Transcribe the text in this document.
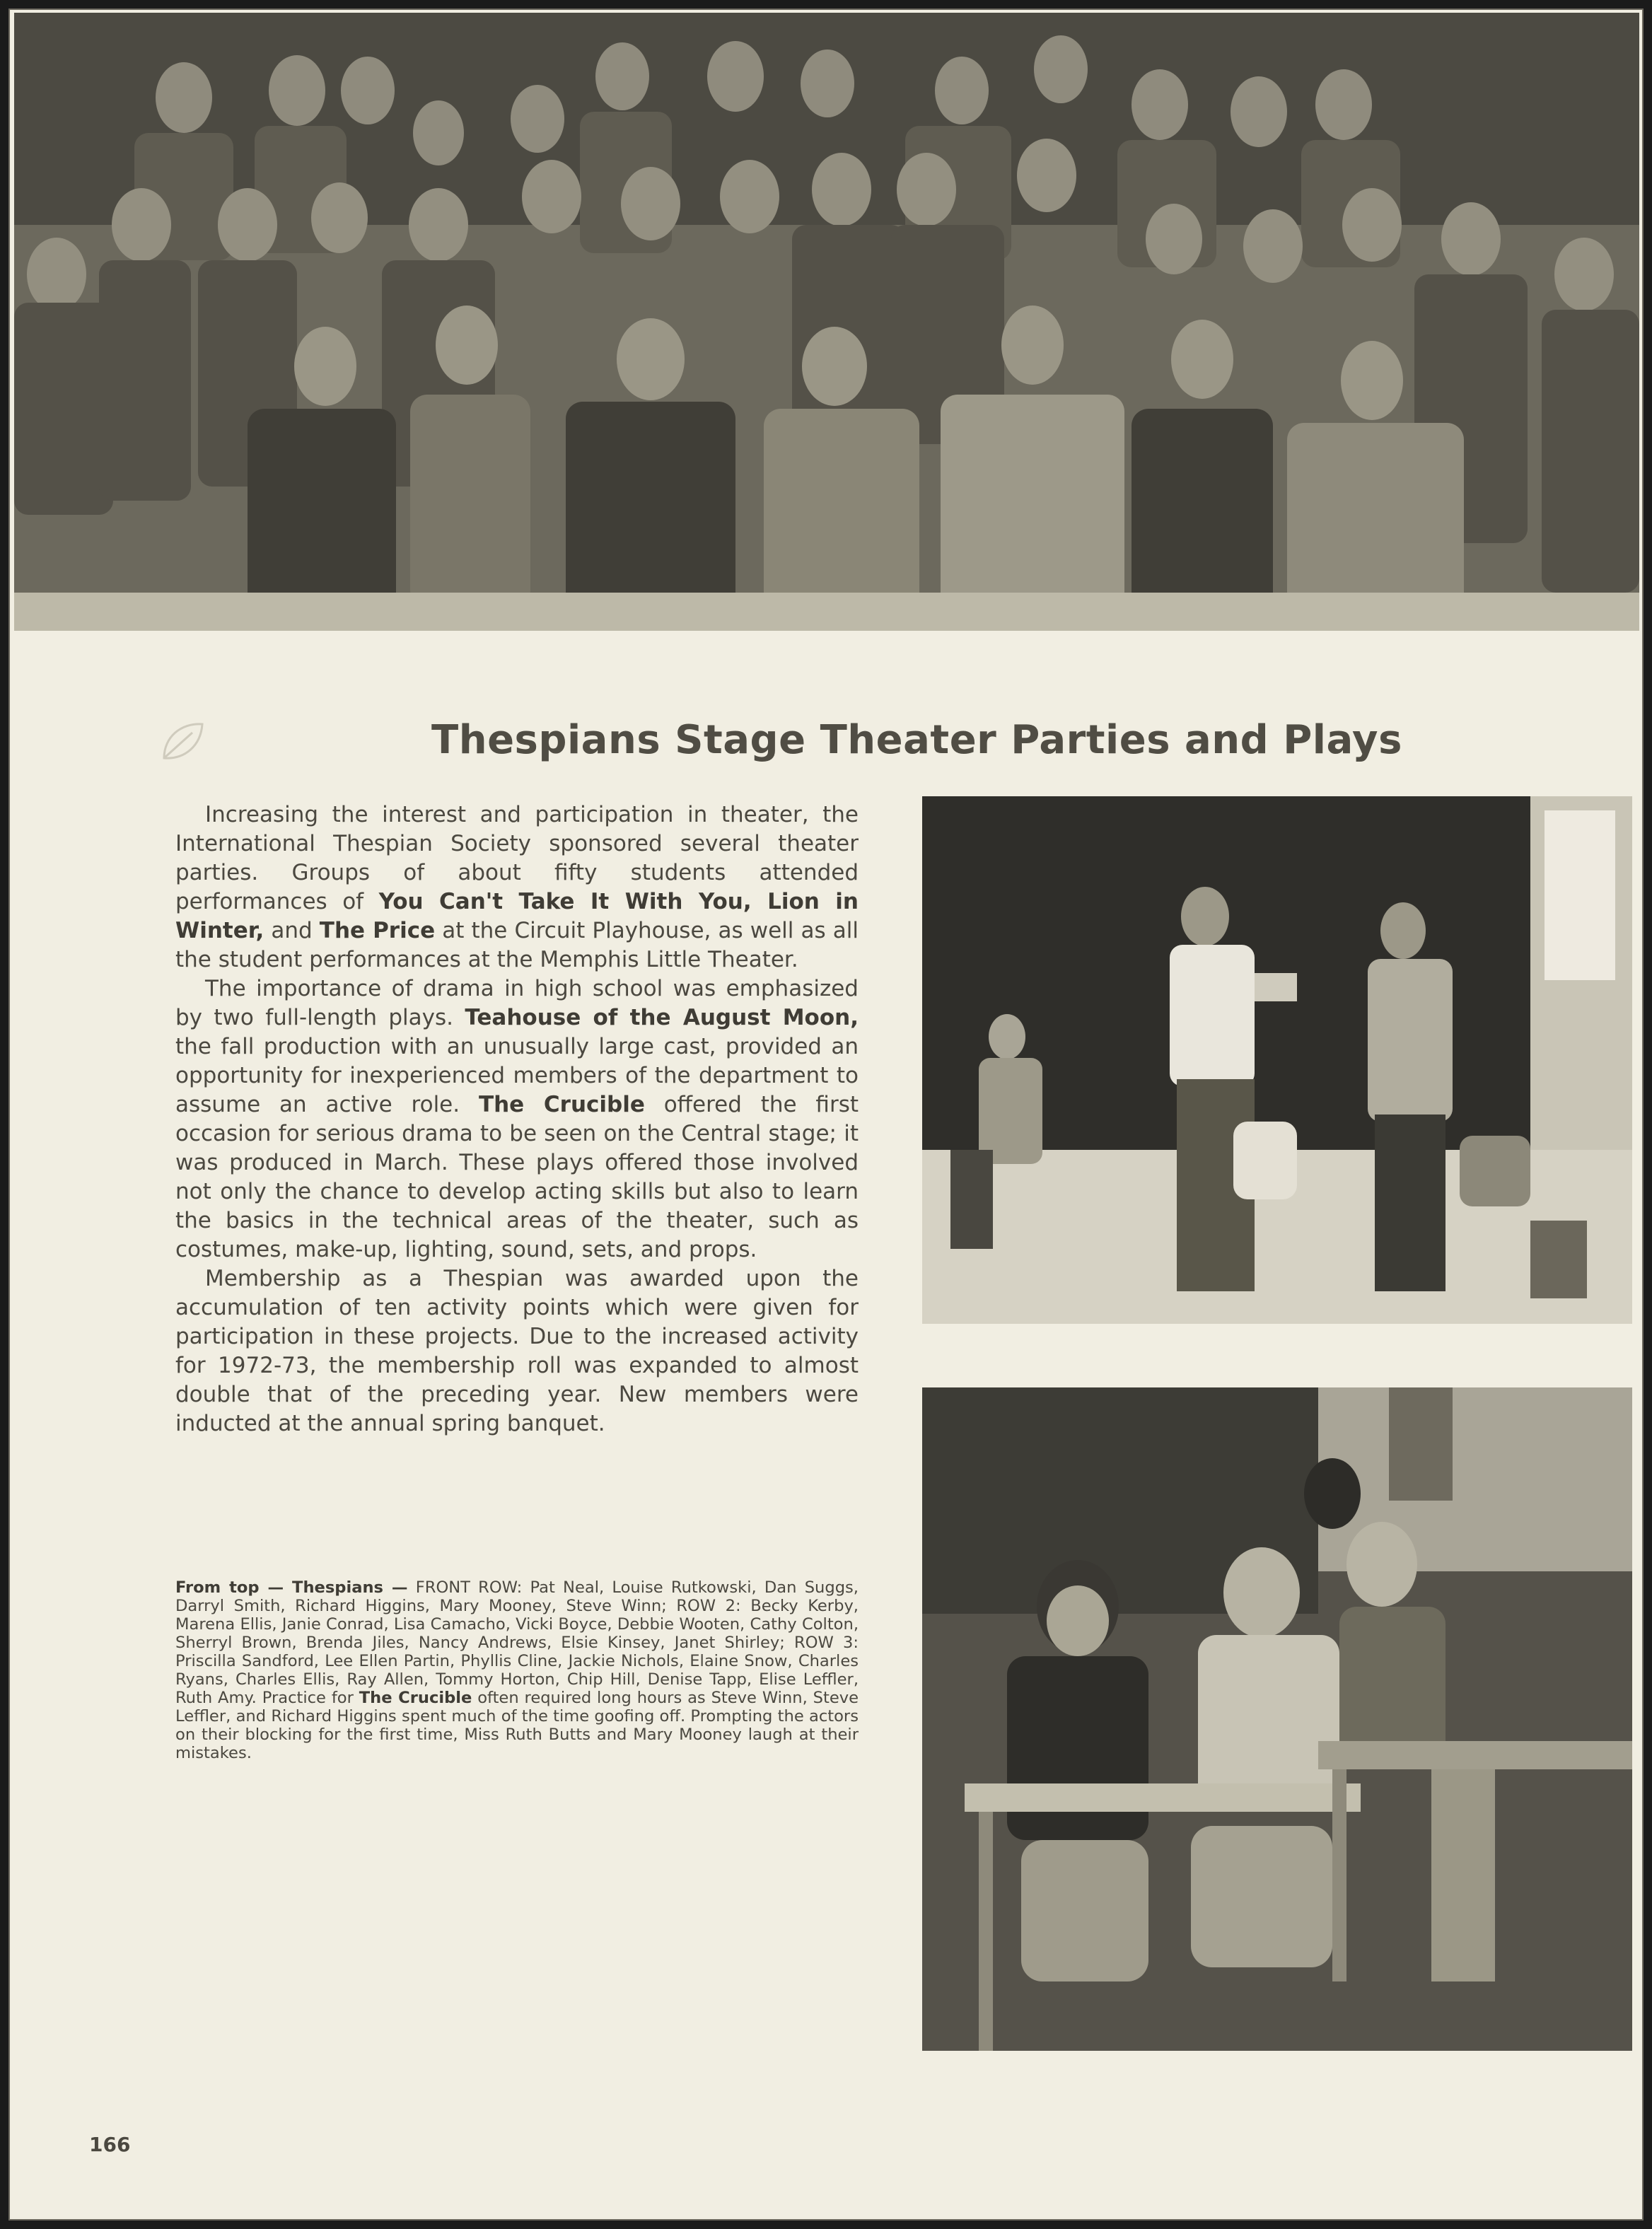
Thespians Stage Theater Parties and Plays

Increasing the interest and participation in theater, the International Thespian Society sponsored several theater parties. Groups of about fifty students attended performances of You Can't Take It With You, Lion in Winter, and The Price at the Circuit Playhouse, as well as all the student performances at the Memphis Little Theater.

The importance of drama in high school was emphasized by two full-length plays. Teahouse of the August Moon, the fall production with an unusually large cast, provided an opportunity for inexperienced members of the department to assume an active role. The Crucible offered the first occasion for serious drama to be seen on the Central stage; it was produced in March. These plays offered those involved not only the chance to develop acting skills but also to learn the basics in the technical areas of the theater, such as costumes, make-up, lighting, sound, sets, and props.

Membership as a Thespian was awarded upon the accumulation of ten activity points which were given for participation in these projects. Due to the increased activity for 1972-73, the membership roll was expanded to almost double that of the preceding year. New members were inducted at the annual spring banquet.

From top — Thespians — FRONT ROW: Pat Neal, Louise Rutkowski, Dan Suggs, Darryl Smith, Richard Higgins, Mary Mooney, Steve Winn; ROW 2: Becky Kerby, Marena Ellis, Janie Conrad, Lisa Camacho, Vicki Boyce, Debbie Wooten, Cathy Colton, Sherryl Brown, Brenda Jiles, Nancy Andrews, Elsie Kinsey, Janet Shirley; ROW 3: Priscilla Sandford, Lee Ellen Partin, Phyllis Cline, Jackie Nichols, Elaine Snow, Charles Ryans, Charles Ellis, Ray Allen, Tommy Horton, Chip Hill, Denise Tapp, Elise Leffler, Ruth Amy. Practice for The Crucible often required long hours as Steve Winn, Steve Leffler, and Richard Higgins spent much of the time goofing off. Prompting the actors on their blocking for the first time, Miss Ruth Butts and Mary Mooney laugh at their mistakes.

166
